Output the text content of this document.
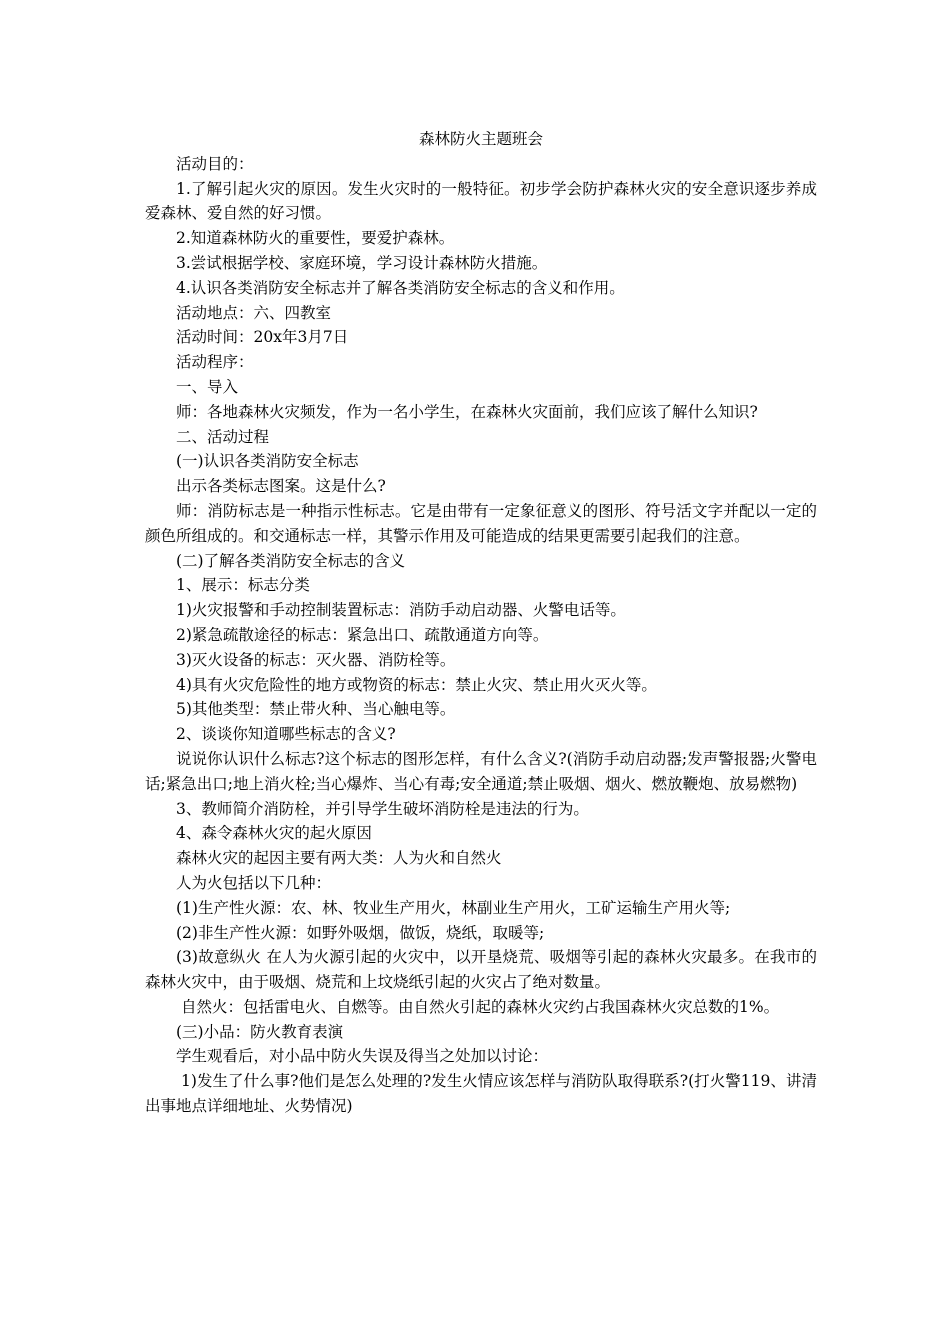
森林防火主题班会

活动目的：

1.了解引起火灾的原因。发生火灾时的一般特征。初步学会防护森林火灾的安全意识逐步养成爱森林、爱自然的好习惯。

2.知道森林防火的重要性，要爱护森林。

3.尝试根据学校、家庭环境，学习设计森林防火措施。

4.认识各类消防安全标志并了解各类消防安全标志的含义和作用。

活动地点：六、四教室

活动时间：20x年3月7日

活动程序：

一、导入

师：各地森林火灾频发，作为一名小学生，在森林火灾面前，我们应该了解什么知识?

二、活动过程

(一)认识各类消防安全标志

出示各类标志图案。这是什么?

师：消防标志是一种指示性标志。它是由带有一定象征意义的图形、符号活文字并配以一定的颜色所组成的。和交通标志一样，其警示作用及可能造成的结果更需要引起我们的注意。

(二)了解各类消防安全标志的含义

1、展示：标志分类

1)火灾报警和手动控制装置标志：消防手动启动器、火警电话等。

2)紧急疏散途径的标志：紧急出口、疏散通道方向等。

3)灭火设备的标志：灭火器、消防栓等。

4)具有火灾危险性的地方或物资的标志：禁止火灾、禁止用火灭火等。

5)其他类型：禁止带火种、当心触电等。

2、谈谈你知道哪些标志的含义?

说说你认识什么标志?这个标志的图形怎样，有什么含义?(消防手动启动器;发声警报器;火警电话;紧急出口;地上消火栓;当心爆炸、当心有毒;安全通道;禁止吸烟、烟火、燃放鞭炮、放易燃物)

3、教师简介消防栓，并引导学生破坏消防栓是违法的行为。

4、森令森林火灾的起火原因

森林火灾的起因主要有两大类：人为火和自然火

人为火包括以下几种：

(1)生产性火源：农、林、牧业生产用火，林副业生产用火，工矿运输生产用火等;

(2)非生产性火源：如野外吸烟，做饭，烧纸，取暖等;

(3)故意纵火 在人为火源引起的火灾中，以开垦烧荒、吸烟等引起的森林火灾最多。在我市的森林火灾中，由于吸烟、烧荒和上坟烧纸引起的火灾占了绝对数量。

自然火：包括雷电火、自燃等。由自然火引起的森林火灾约占我国森林火灾总数的1%。

(三)小品：防火教育表演

学生观看后，对小品中防火失误及得当之处加以讨论：

1)发生了什么事?他们是怎么处理的?发生火情应该怎样与消防队取得联系?(打火警119、讲清出事地点详细地址、火势情况)
